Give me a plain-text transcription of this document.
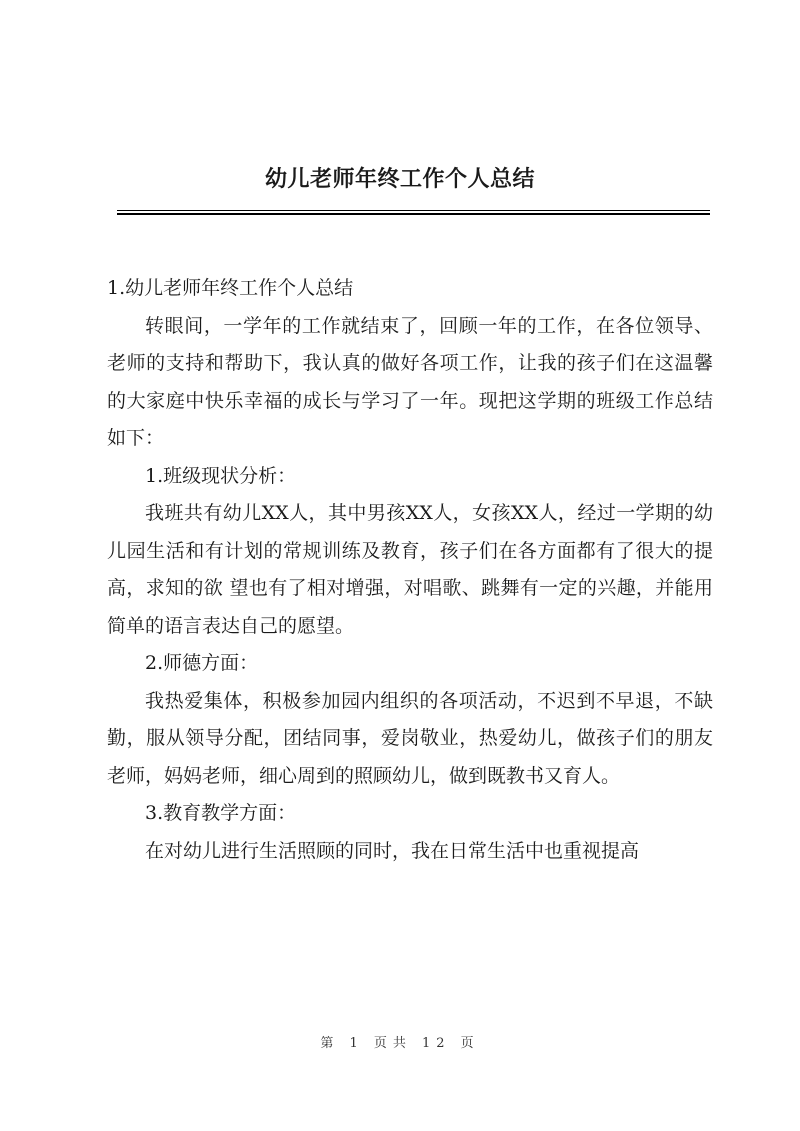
幼儿老师年终工作个人总结

1.幼儿老师年终工作个人总结

转眼间，一学年的工作就结束了，回顾一年的工作，在各位领导、老师的支持和帮助下，我认真的做好各项工作，让我的孩子们在这温馨的大家庭中快乐幸福的成长与学习了一年。现把这学期的班级工作总结如下：

1.班级现状分析：

我班共有幼儿XX人，其中男孩XX人，女孩XX人，经过一学期的幼儿园生活和有计划的常规训练及教育，孩子们在各方面都有了很大的提高，求知的欲 望也有了相对增强，对唱歌、跳舞有一定的兴趣，并能用简单的语言表达自己的愿望。

2.师德方面：

我热爱集体，积极参加园内组织的各项活动，不迟到不早退，不缺勤，服从领导分配，团结同事，爱岗敬业，热爱幼儿，做孩子们的朋友老师，妈妈老师，细心周到的照顾幼儿，做到既教书又育人。

3.教育教学方面：

在对幼儿进行生活照顾的同时，我在日常生活中也重视提高

第 1 页共 12 页
